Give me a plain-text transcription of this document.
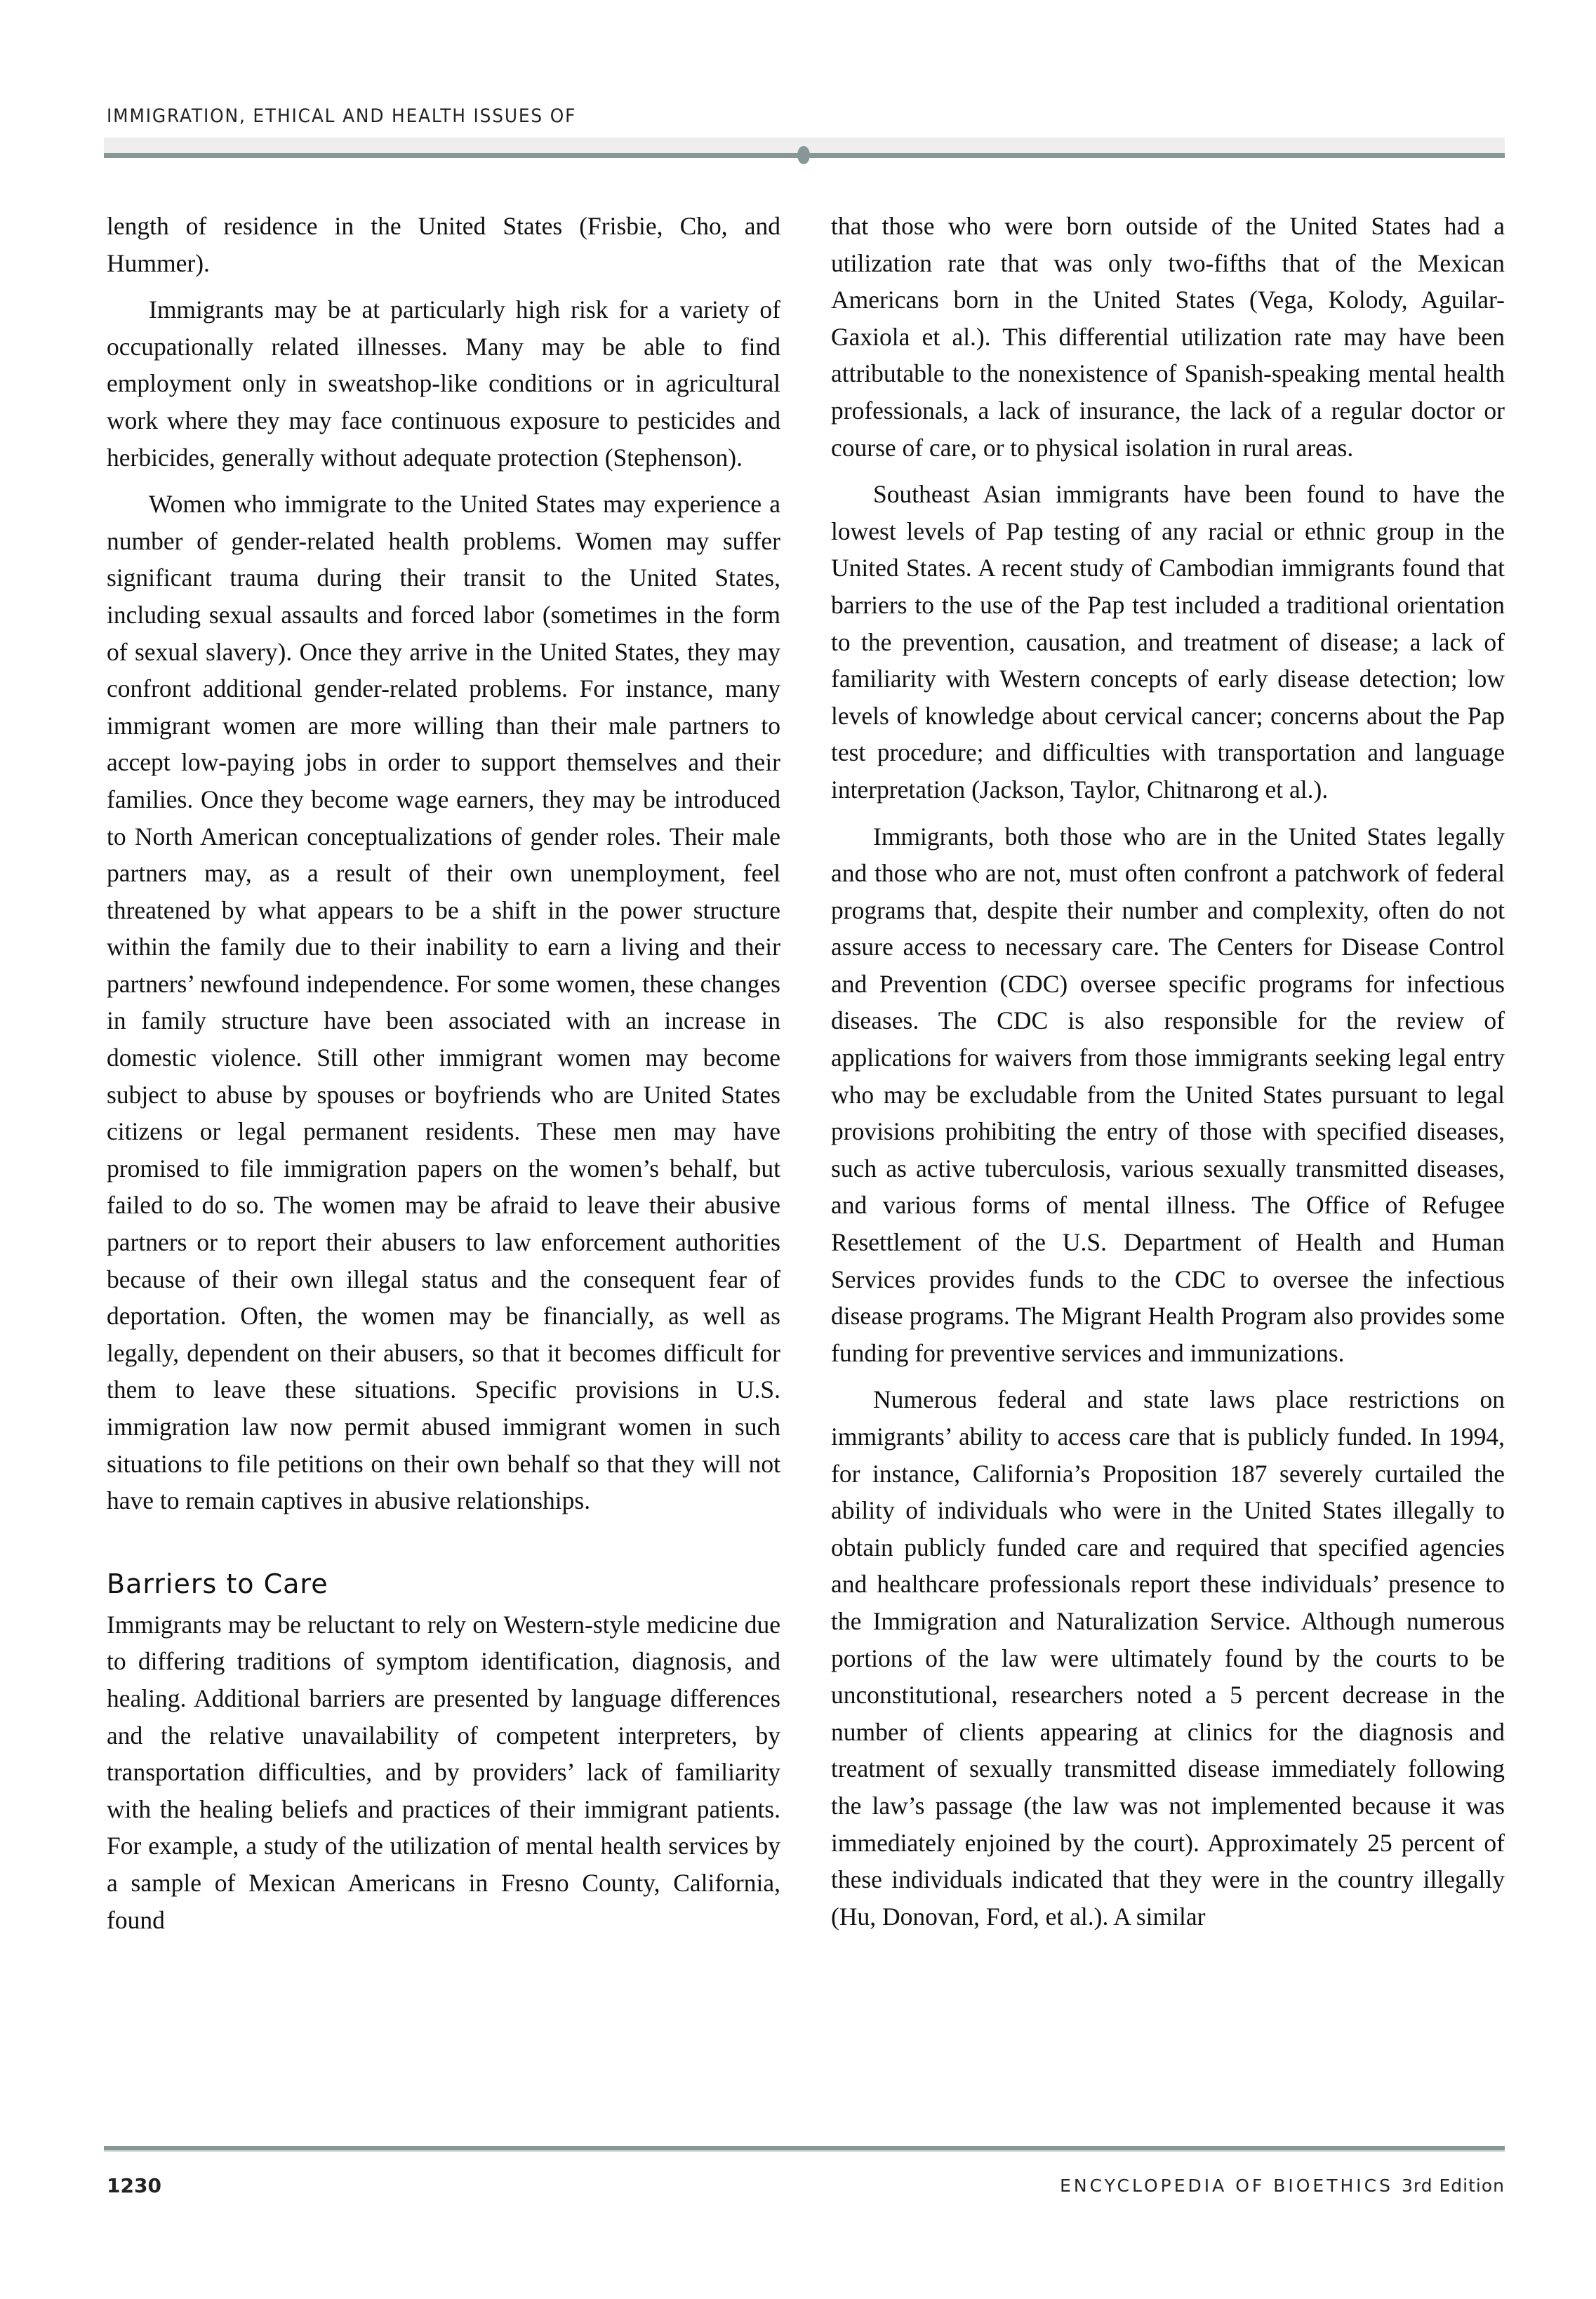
IMMIGRATION, ETHICAL AND HEALTH ISSUES OF

length of residence in the United States (Frisbie, Cho, and Hummer).

Immigrants may be at particularly high risk for a variety of occupationally related illnesses. Many may be able to find employment only in sweatshop-like conditions or in agricultural work where they may face continuous exposure to pesticides and herbicides, generally without adequate protection (Stephenson).

Women who immigrate to the United States may experience a number of gender-related health problems. Women may suffer significant trauma during their transit to the United States, including sexual assaults and forced labor (sometimes in the form of sexual slavery). Once they arrive in the United States, they may confront additional gender-related problems. For instance, many immigrant women are more willing than their male partners to accept low-paying jobs in order to support themselves and their families. Once they become wage earners, they may be introduced to North American conceptualizations of gender roles. Their male partners may, as a result of their own unemployment, feel threatened by what appears to be a shift in the power structure within the family due to their inability to earn a living and their partners’ newfound independence. For some women, these changes in family structure have been associated with an increase in domestic violence. Still other immigrant women may become subject to abuse by spouses or boyfriends who are United States citizens or legal permanent residents. These men may have promised to file immigration papers on the women’s behalf, but failed to do so. The women may be afraid to leave their abusive partners or to report their abusers to law enforcement authorities because of their own illegal status and the consequent fear of deportation. Often, the women may be financially, as well as legally, dependent on their abusers, so that it becomes difficult for them to leave these situations. Specific provisions in U.S. immigration law now permit abused immigrant women in such situations to file petitions on their own behalf so that they will not have to remain captives in abusive relationships.

Barriers to Care

Immigrants may be reluctant to rely on Western-style medicine due to differing traditions of symptom identification, diagnosis, and healing. Additional barriers are presented by language differences and the relative unavailability of competent interpreters, by transportation difficulties, and by providers’ lack of familiarity with the healing beliefs and practices of their immigrant patients. For example, a study of the utilization of mental health services by a sample of Mexican Americans in Fresno County, California, found

that those who were born outside of the United States had a utilization rate that was only two-fifths that of the Mexican Americans born in the United States (Vega, Kolody, Aguilar-Gaxiola et al.). This differential utilization rate may have been attributable to the nonexistence of Spanish-speaking mental health professionals, a lack of insurance, the lack of a regular doctor or course of care, or to physical isolation in rural areas.

Southeast Asian immigrants have been found to have the lowest levels of Pap testing of any racial or ethnic group in the United States. A recent study of Cambodian immigrants found that barriers to the use of the Pap test included a traditional orientation to the prevention, causation, and treatment of disease; a lack of familiarity with Western concepts of early disease detection; low levels of knowledge about cervical cancer; concerns about the Pap test procedure; and difficulties with transportation and language interpretation (Jackson, Taylor, Chitnarong et al.).

Immigrants, both those who are in the United States legally and those who are not, must often confront a patchwork of federal programs that, despite their number and complexity, often do not assure access to necessary care. The Centers for Disease Control and Prevention (CDC) oversee specific programs for infectious diseases. The CDC is also responsible for the review of applications for waivers from those immigrants seeking legal entry who may be excludable from the United States pursuant to legal provisions prohibiting the entry of those with specified diseases, such as active tuberculosis, various sexually transmitted diseases, and various forms of mental illness. The Office of Refugee Resettlement of the U.S. Department of Health and Human Services provides funds to the CDC to oversee the infectious disease programs. The Migrant Health Program also provides some funding for preventive services and immunizations.

Numerous federal and state laws place restrictions on immigrants’ ability to access care that is publicly funded. In 1994, for instance, California’s Proposition 187 severely curtailed the ability of individuals who were in the United States illegally to obtain publicly funded care and required that specified agencies and healthcare professionals report these individuals’ presence to the Immigration and Naturalization Service. Although numerous portions of the law were ultimately found by the courts to be unconstitutional, researchers noted a 5 percent decrease in the number of clients appearing at clinics for the diagnosis and treatment of sexually transmitted disease immediately following the law’s passage (the law was not implemented because it was immediately enjoined by the court). Approximately 25 percent of these individuals indicated that they were in the country illegally (Hu, Donovan, Ford, et al.). A similar

1230	ENCYCLOPEDIA OF BIOETHICS 3rd Edition
